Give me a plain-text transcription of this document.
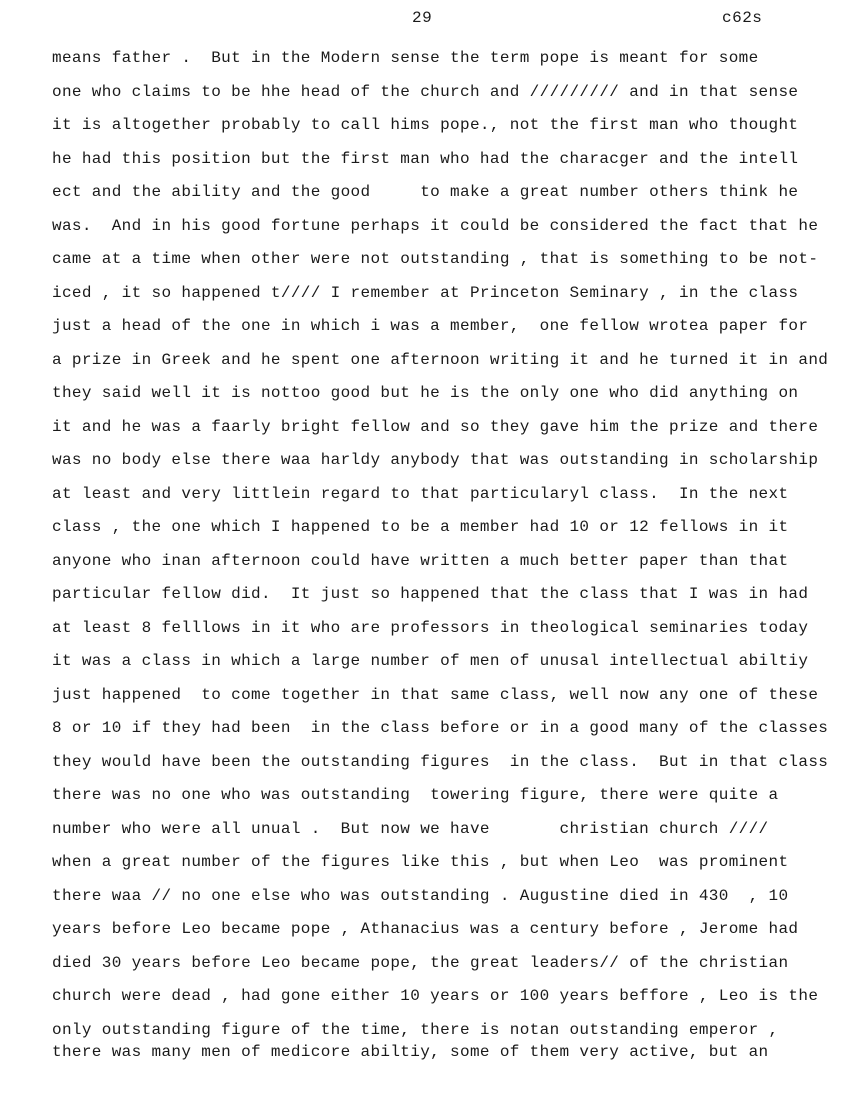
29	c62s
means father .  But in the Modern sense the term pope is meant for some
one who claims to be hhe head of the church and ///////// and in that sense
it is altogether probably to call hims pope., not the first man who thought
he had this position but the first man who had the characger and the intell
ect and the ability and the good     to make a great number others think he
was.  And in his good fortune perhaps it could be considered the fact that he
came at a time when other were not outstanding , that is something to be not-
iced , it so happened t//// I remember at Princeton Seminary , in the class
just a head of the one in which i was a member,  one fellow wrotea paper for
a prize in Greek and he spent one afternoon writing it and he turned it in and
they said well it is nottoo good but he is the only one who did anything on
it and he was a faarly bright fellow and so they gave him the prize and there
was no body else there waa harldy anybody that was outstanding in scholarship
at least and very littlein regard to that particularyl class.  In the next
class , the one which I happened to be a member had 10 or 12 fellows in it
anyone who inan afternoon could have written a much better paper than that
particular fellow did.  It just so happened that the class that I was in had
at least 8 felllows in it who are professors in theological seminaries today
it was a class in which a large number of men of unusal intellectual abiltiy
just happened  to come together in that same class, well now any one of these
8 or 10 if they had been  in the class before or in a good many of the classes
they would have been the outstanding figures  in the class.  But in that class
there was no one who was outstanding  towering figure, there were quite a
number who were all unual .  But now we have       christian church ////
when a great number of the figures like this , but when Leo  was prominent
there waa // no one else who was outstanding . Augustine died in 430  , 10
years before Leo became pope , Athanacius was a century before , Jerome had
died 30 years before Leo became pope, the great leaders// of the christian
church were dead , had gone either 10 years or 100 years beffore , Leo is the
only outstanding figure of the time, there is notan outstanding emperor ,
there was many men of medicore abiltiy, some of them very active, but an
